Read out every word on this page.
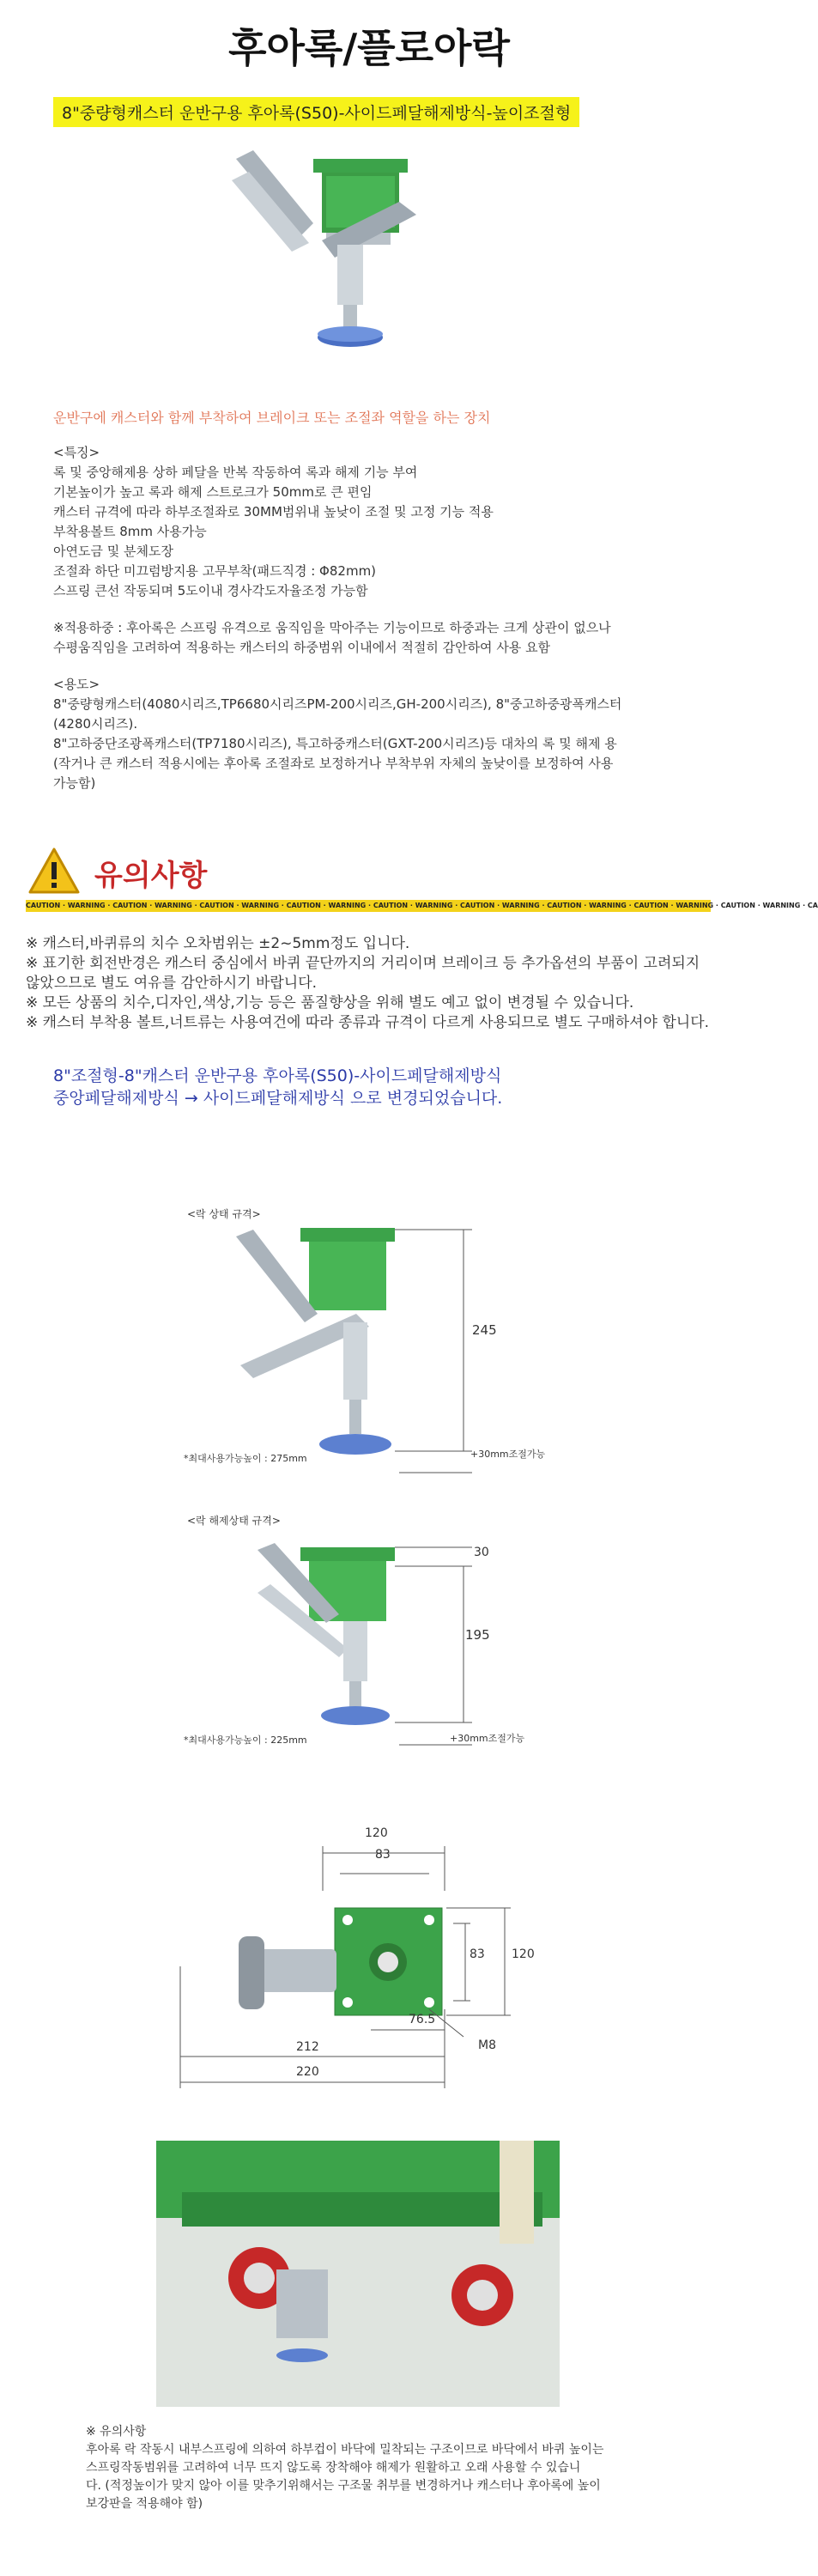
후아록/플로아락
8"중량형캐스터 운반구용 후아록(S50)-사이드페달해제방식-높이조절형
운반구에 캐스터와 함께 부착하여 브레이크 또는 조절좌 역할을 하는 장치
<특징>
록 및 중앙해제용 상하 페달을 반복 작동하여 록과 해제 기능 부여
기본높이가 높고 록과 해제 스트로크가 50mm로 큰 편임
캐스터 규격에 따라 하부조절좌로 30MM범위내 높낮이 조절 및 고정 기능 적용
부착용볼트 8mm 사용가능
아연도금 및 분체도장
조절좌 하단 미끄럼방지용 고무부착(패드직경 : Φ82mm)
스프링 큰선 작동되며 5도이내 경사각도자율조정 가능함
※적용하중 : 후아록은 스프링 유격으로 움직임을 막아주는 기능이므로 하중과는 크게 상관이 없으나
수평움직임을 고려하여 적용하는 캐스터의 하중범위 이내에서 적절히 감안하여 사용 요함
<용도>
8"중량형캐스터(4080시리즈,TP6680시리즈PM-200시리즈,GH-200시리즈), 8"중고하중광폭캐스터
(4280시리즈).
8"고하중단조광폭캐스터(TP7180시리즈), 특고하중캐스터(GXT-200시리즈)등 대차의 록 및 해제 용
(작거나 큰 캐스터 적용시에는 후아록 조절좌로 보정하거나 부착부위 자체의 높낮이를 보정하여 사용
가능함)
유의사항
CAUTION · WARNING · CAUTION · WARNING · CAUTION · WARNING · CAUTION · WARNING · CAUTION · WARNING · CAUTION · WARNING · CAUTION · WARNING · CAUTION · WARNING · CAUTION · WARNING · CA
※ 캐스터,바퀴류의 치수 오차범위는 ±2~5mm정도 입니다.
※ 표기한 회전반경은 캐스터 중심에서 바퀴 끝단까지의 거리이며 브레이크 등 추가옵션의 부품이 고려되지 않았으므로 별도 여유를 감안하시기 바랍니다.
※ 모든 상품의 치수,디자인,색상,기능 등은 품질향상을 위해 별도 예고 없이 변경될 수 있습니다.
※ 캐스터 부착용 볼트,너트류는 사용여건에 따라 종류과 규격이 다르게 사용되므로 별도 구매하셔야 합니다.
8"조절형-8"캐스터 운반구용 후아록(S50)-사이드페달해제방식
중앙페달해제방식 → 사이드페달해제방식 으로 변경되었습니다.
<락 상태 규격>
245
*최대사용가능높이 : 275mm	+30mm조절가능
<락 해제상태 규격>
30
195
*최대사용가능높이 : 225mm	+30mm조절가능
120
83
83 120
76.5
M8
212
220
※ 유의사항
후아록 락 작동시 내부스프링에 의하여 하부컵이 바닥에 밀착되는 구조이므로 바닥에서 바퀴 높이는
스프링작동범위를 고려하여 너무 뜨지 않도록 장착해야 해제가 원활하고 오래 사용할 수 있습니
다. (적정높이가 맞지 않아 이를 맞추기위해서는 구조물 취부를 변경하거나 캐스터나 후아록에 높이
보강판을 적용해야 함)
